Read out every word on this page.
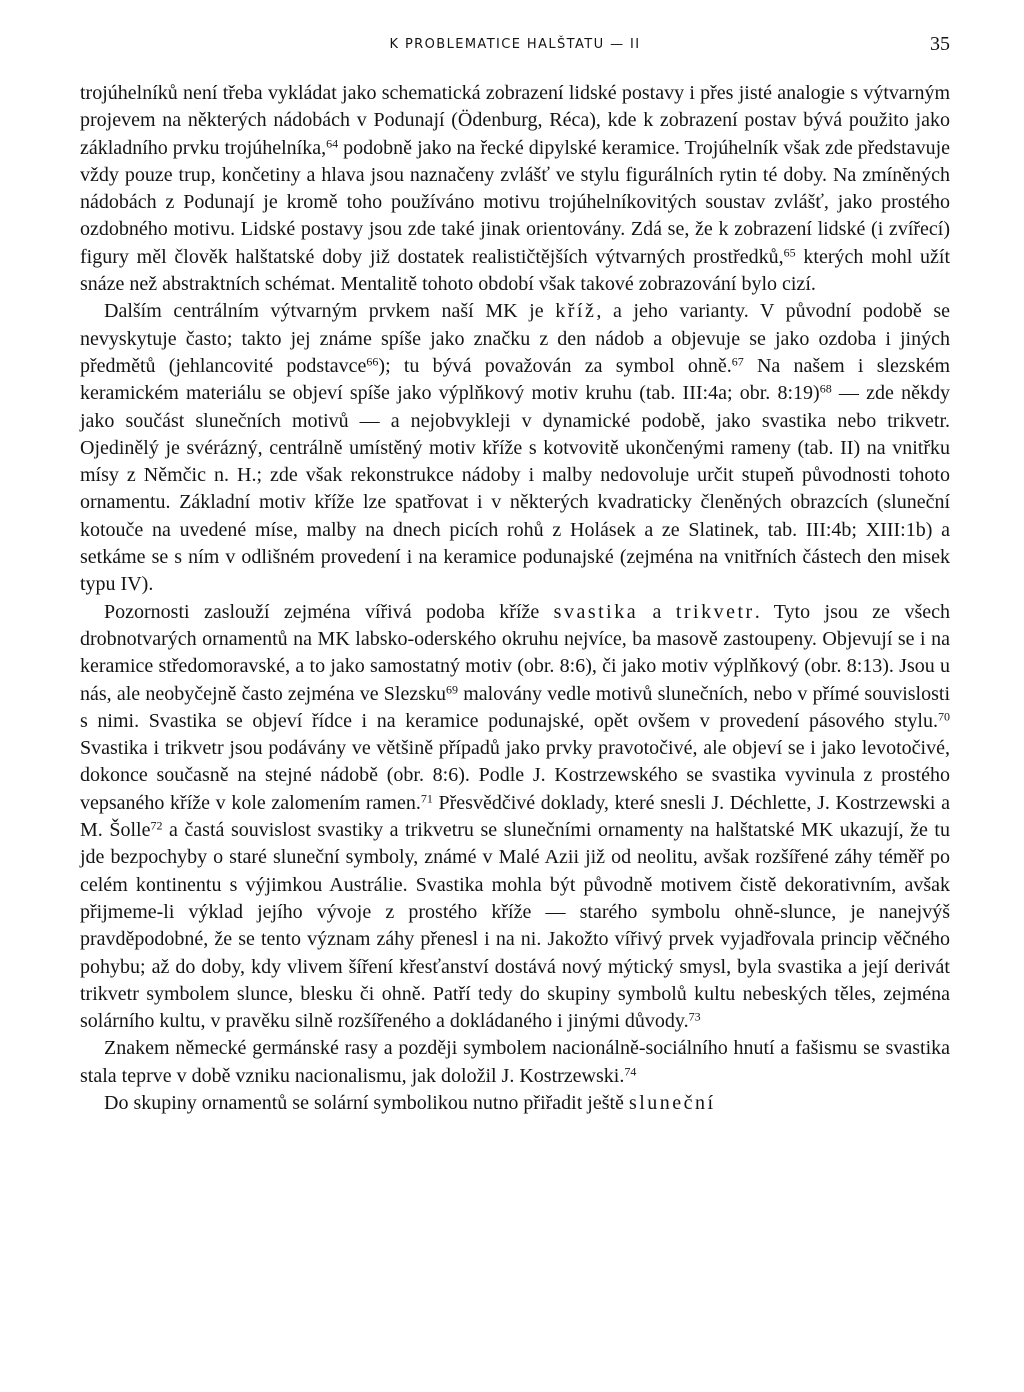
K PROBLEMATICE HALŠTATU — II	35

trojúhelníků není třeba vykládat jako schematická zobrazení lidské postavy i přes jisté analogie s výtvarným projevem na některých nádobách v Podunají (Ödenburg, Réca), kde k zobrazení postav bývá použito jako základního prvku trojúhelníka,$^{64}$ podobně jako na řecké dipylské keramice. Trojúhelník však zde představuje vždy pouze trup, končetiny a hlava jsou naznačeny zvlášť ve stylu figurálních rytin té doby. Na zmíněných nádobách z Podunají je kromě toho používáno motivu trojúhelníkovitých soustav zvlášť, jako prostého ozdobného motivu. Lidské postavy jsou zde také jinak orientovány. Zdá se, že k zobrazení lidské (i zvířecí) figury měl člověk halštatské doby již dostatek realističtějších výtvarných prostředků,$^{65}$ kterých mohl užít snáze než abstraktních schémat. Mentalitě tohoto období však takové zobrazování bylo cizí.

Dalším centrálním výtvarným prvkem naší MK je kříž, a jeho varianty. V původní podobě se nevyskytuje často; takto jej známe spíše jako značku z den nádob a objevuje se jako ozdoba i jiných předmětů (jehlancovité podstavce$^{66}$); tu bývá považován za symbol ohně.$^{67}$ Na našem i slezském keramickém materiálu se objeví spíše jako výplňkový motiv kruhu (tab. III:4a; obr. 8:19)$^{68}$ — zde někdy jako součást slunečních motivů — a nejobvykleji v dynamické podobě, jako svastika nebo trikvetr. Ojedinělý je svérázný, centrálně umístěný motiv kříže s kotvovitě ukončenými rameny (tab. II) na vnitřku mísy z Němčic n. H.; zde však rekonstrukce nádoby i malby nedovoluje určit stupeň původnosti tohoto ornamentu. Základní motiv kříže lze spatřovat i v některých kvadraticky členěných obrazcích (sluneční kotouče na uvedené míse, malby na dnech picích rohů z Holásek a ze Slatinek, tab. III:4b; XIII:1b) a setkáme se s ním v odlišném provedení i na keramice podunajské (zejména na vnitřních částech den misek typu IV).

Pozornosti zaslouží zejména vířivá podoba kříže svastika a trikvetr. Tyto jsou ze všech drobnotvarých ornamentů na MK labsko-oderského okruhu nejvíce, ba masově zastoupeny. Objevují se i na keramice středomoravské, a to jako samostatný motiv (obr. 8:6), či jako motiv výplňkový (obr. 8:13). Jsou u nás, ale neobyčejně často zejména ve Slezsku$^{69}$ malovány vedle motivů slunečních, nebo v přímé souvislosti s nimi. Svastika se objeví řídce i na keramice podunajské, opět ovšem v provedení pásového stylu.$^{70}$ Svastika i trikvetr jsou podávány ve většině případů jako prvky pravotočivé, ale objeví se i jako levotočivé, dokonce současně na stejné nádobě (obr. 8:6). Podle J. Kostrzewského se svastika vyvinula z prostého vepsaného kříže v kole zalomením ramen.$^{71}$ Přesvědčivé doklady, které snesli J. Déchlette, J. Kostrzewski a M. Šolle$^{72}$ a častá souvislost svastiky a trikvetru se slunečními ornamenty na halštatské MK ukazují, že tu jde bezpochyby o staré sluneční symboly, známé v Malé Azii již od neolitu, avšak rozšířené záhy téměř po celém kontinentu s výjimkou Austrálie. Svastika mohla být původně motivem čistě dekorativním, avšak přijmeme-li výklad jejího vývoje z prostého kříže — starého symbolu ohně-slunce, je nanejvýš pravděpodobné, že se tento význam záhy přenesl i na ni. Jakožto vířivý prvek vyjadřovala princip věčného pohybu; až do doby, kdy vlivem šíření křesťanství dostává nový mýtický smysl, byla svastika a její derivát trikvetr symbolem slunce, blesku či ohně. Patří tedy do skupiny symbolů kultu nebeských těles, zejména solárního kultu, v pravěku silně rozšířeného a dokládaného i jinými důvody.$^{73}$

Znakem německé germánské rasy a později symbolem nacionálně-sociálního hnutí a fašismu se svastika stala teprve v době vzniku nacionalismu, jak doložil J. Kostrzewski.$^{74}$

Do skupiny ornamentů se solární symbolikou nutno přiřadit ještě sluneční
